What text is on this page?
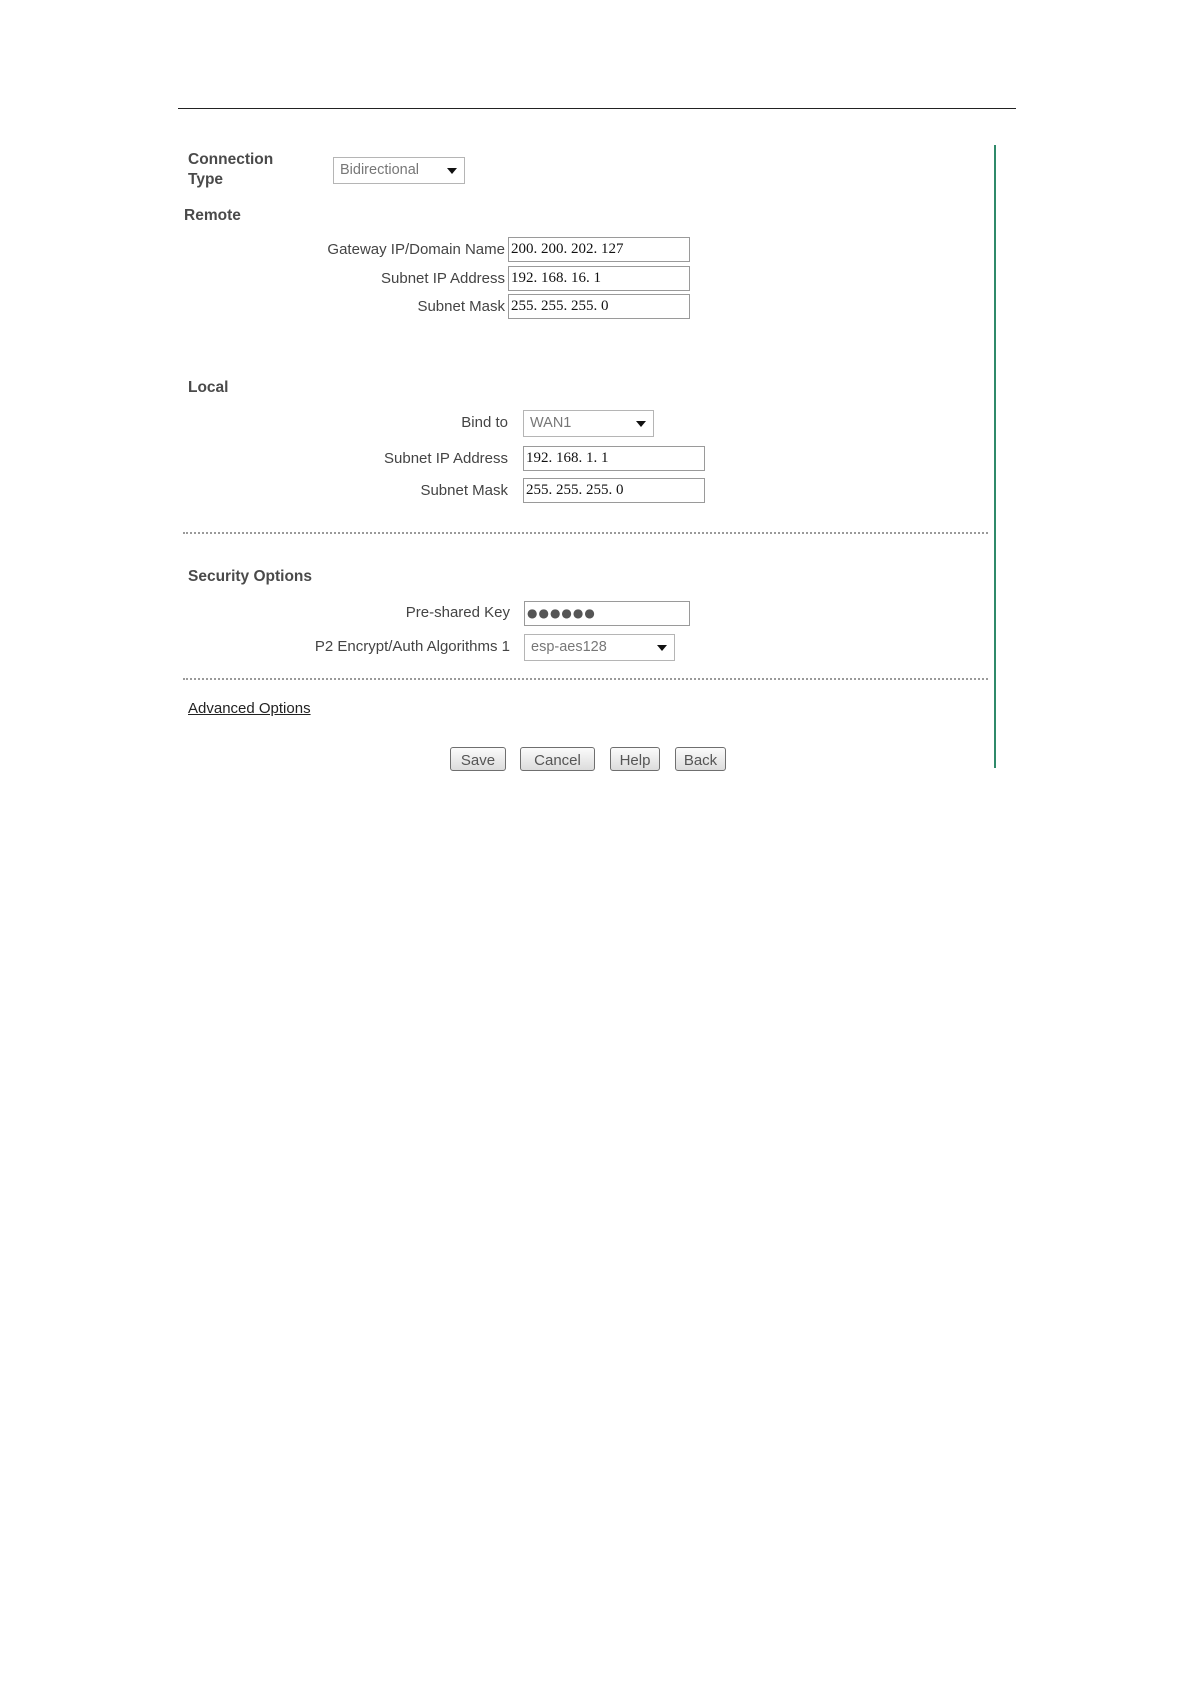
Connection Type
Bidirectional
Remote
Gateway IP/Domain Name 200. 200. 202. 127
Subnet IP Address 192. 168. 16. 1
Subnet Mask 255. 255. 255. 0
Local
Bind to	WAN1
Subnet IP Address 192. 168. 1. 1
Subnet Mask 255. 255. 255. 0
Security Options
Pre-shared Key ●●●●●●
P2 Encrypt/Auth Algorithms 1	esp-aes128
Advanced Options
Save	Cancel	Help	Back
